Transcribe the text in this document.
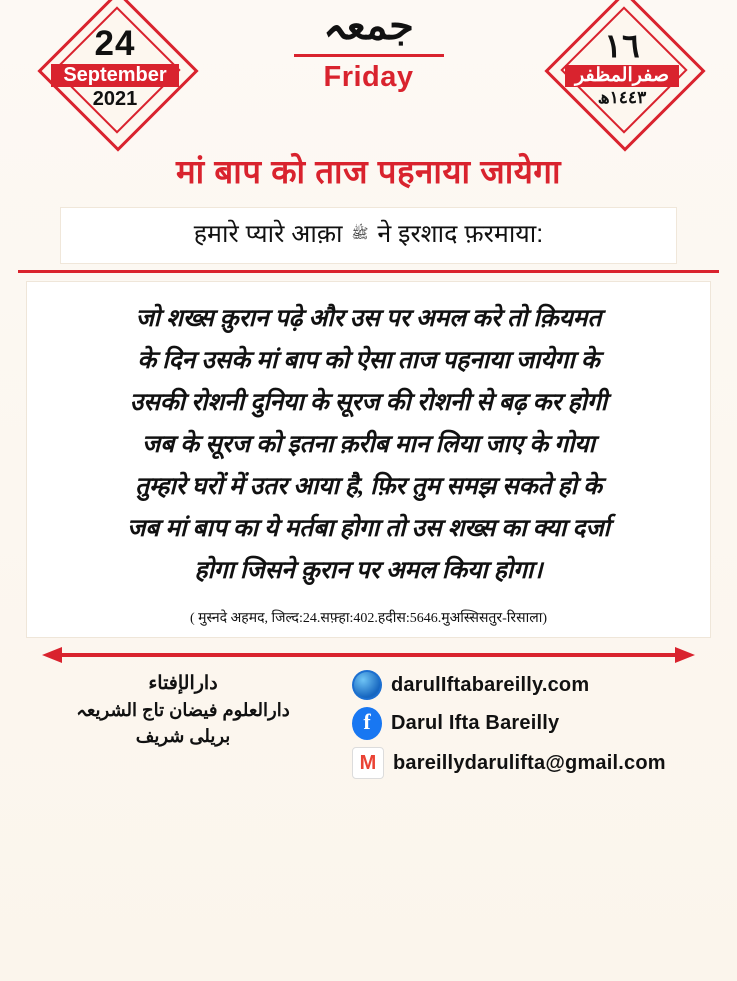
24
September
2021
جمعہ
Friday
١٦
صفرالمظفر
١٤٤٣ھ
मां बाप को ताज पहनाया जायेगा
हमारे प्यारे आक़ा ﷺ ने इरशाद फ़रमाया:
जो शख्स क़ुरान पढ़े और उस पर अमल करे तो क़ियमत
के दिन उसके मां बाप को ऐसा ताज पहनाया जायेगा के
उसकी रोशनी दुनिया के सूरज की रोशनी से बढ़ कर होगी
जब के सूरज को इतना क़रीब मान लिया जाए के गोया
तुम्हारे घरों में उतर आया है, फ़िर तुम समझ सकते हो के
जब मां बाप का ये मर्तबा होगा तो उस शख्स का क्या दर्जा
होगा जिसने क़ुरान पर अमल किया होगा।
( मुस्नदे अहमद, जिल्द:24.सफ़्हा:402.हदीस:5646.मुअस्सिसतुर-रिसाला)
دارالإفتاء
دارالعلوم فیضان تاج الشریعہ
بریلی شریف
darulIftabareilly.com
f	Darul Ifta Bareilly
M bareillydarulifta@gmail.com
